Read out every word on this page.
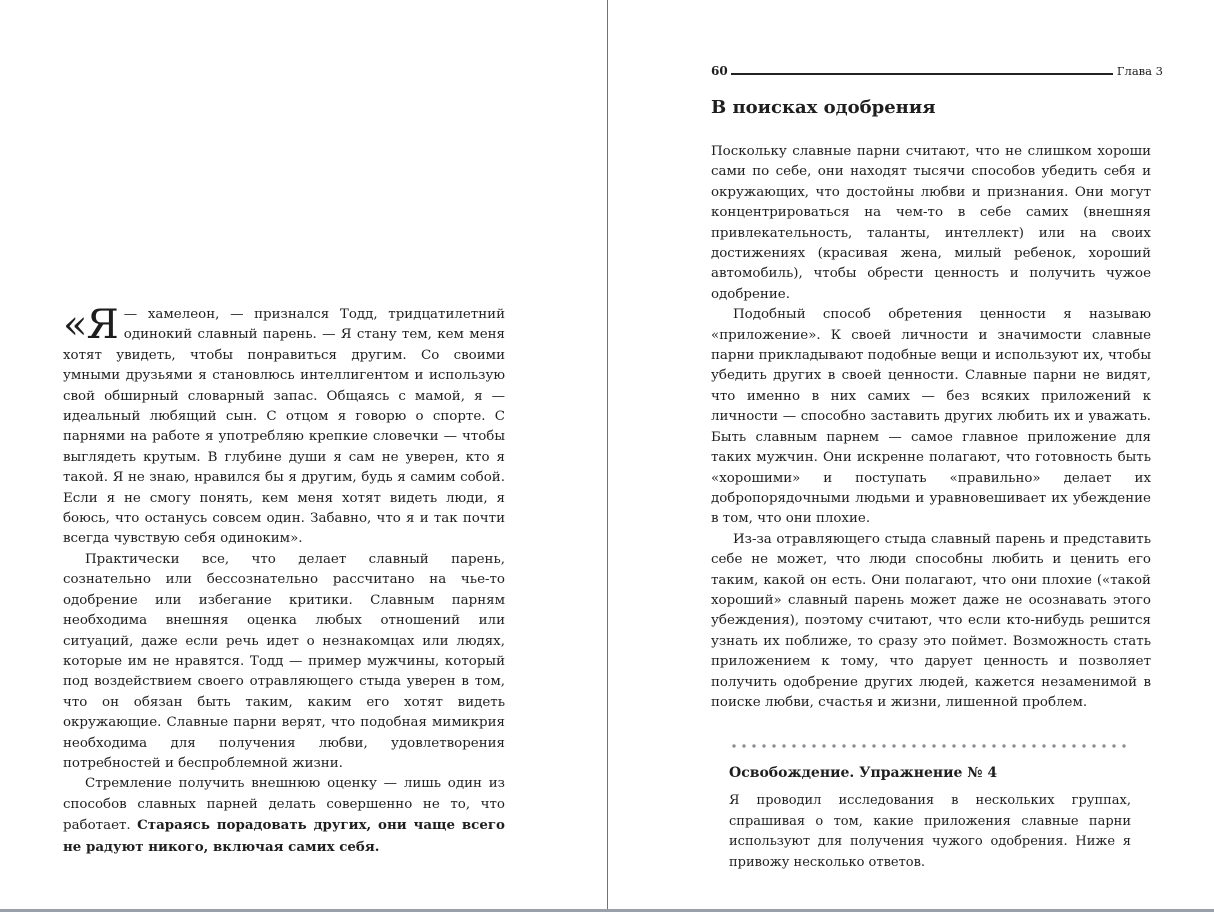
«Я — хамелеон, — признался Тодд, тридцатилетний одинокий славный парень. — Я стану тем, кем меня хотят увидеть, чтобы понравиться другим. Со своими умными друзьями я становлюсь интеллигентом и использую свой обширный словарный запас. Общаясь с мамой, я — идеальный любящий сын. С отцом я говорю о спорте. С парнями на работе я употребляю крепкие словечки — чтобы выглядеть крутым. В глубине души я сам не уверен, кто я такой. Я не знаю, нравился бы я другим, будь я самим собой. Если я не смогу понять, кем меня хотят видеть люди, я боюсь, что останусь совсем один. Забавно, что я и так почти всегда чувствую себя одиноким».

Практически все, что делает славный парень, сознательно или бессознательно рассчитано на чье-то одобрение или избегание критики. Славным парням необходима внешняя оценка любых отношений или ситуаций, даже если речь идет о незнакомцах или людях, которые им не нравятся. Тодд — пример мужчины, который под воздействием своего отравляющего стыда уверен в том, что он обязан быть таким, каким его хотят видеть окружающие. Славные парни верят, что подобная мимикрия необходима для получения любви, удовлетворения потребностей и беспроблемной жизни.

Стремление получить внешнюю оценку — лишь один из способов славных парней делать совершенно не то, что работает. Стараясь порадовать других, они чаще всего не радуют никого, включая самих себя.

60	Глава 3
В поисках одобрения

Поскольку славные парни считают, что не слишком хороши сами по себе, они находят тысячи способов убедить себя и окружающих, что достойны любви и признания. Они могут концентрироваться на чем-то в себе самих (внешняя привлекательность, таланты, интеллект) или на своих достижениях (красивая жена, милый ребенок, хороший автомобиль), чтобы обрести ценность и получить чужое одобрение.

Подобный способ обретения ценности я называю «приложение». К своей личности и значимости славные парни прикладывают подобные вещи и используют их, чтобы убедить других в своей ценности. Славные парни не видят, что именно в них самих — без всяких приложений к личности — способно заставить других любить их и уважать. Быть славным парнем — самое главное приложение для таких мужчин. Они искренне полагают, что готовность быть «хорошими» и поступать «правильно» делает их добропорядочными людьми и уравновешивает их убеждение в том, что они плохие.

Из-за отравляющего стыда славный парень и представить себе не может, что люди способны любить и ценить его таким, какой он есть. Они полагают, что они плохие («такой хороший» славный парень может даже не осознавать этого убеждения), поэтому считают, что если кто-нибудь решится узнать их поближе, то сразу это поймет. Возможность стать приложением к тому, что дарует ценность и позволяет получить одобрение других людей, кажется незаменимой в поиске любви, счастья и жизни, лишенной проблем.

Освобождение. Упражнение № 4

Я проводил исследования в нескольких группах, спрашивая о том, какие приложения славные парни используют для получения чужого одобрения. Ниже я привожу несколько ответов.
